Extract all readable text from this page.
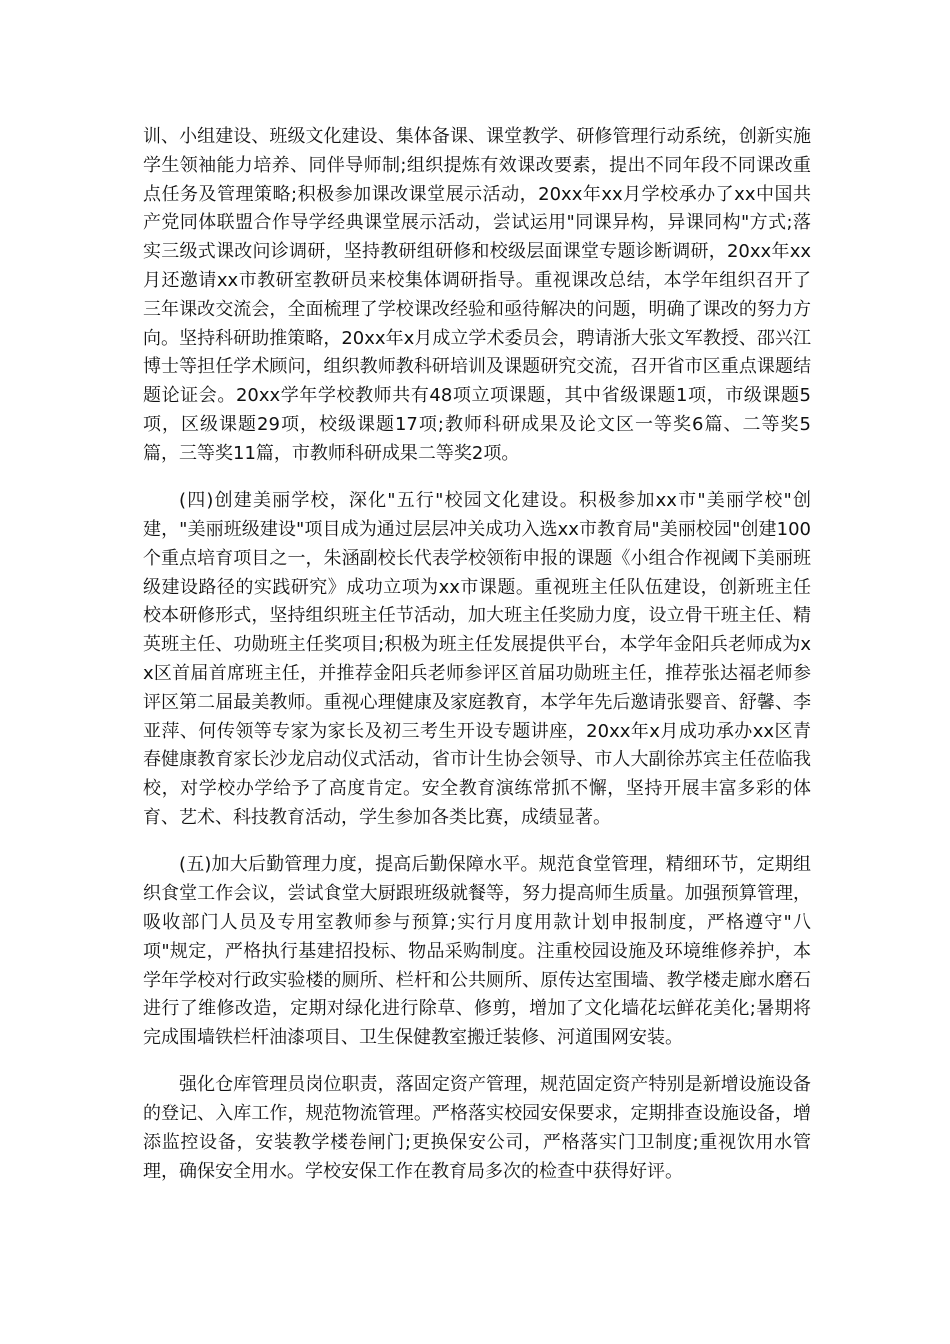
训、小组建设、班级文化建设、集体备课、课堂教学、研修管理行动系统，创新实施学生领袖能力培养、同伴导师制;组织提炼有效课改要素，提出不同年段不同课改重点任务及管理策略;积极参加课改课堂展示活动，20xx年xx月学校承办了xx中国共产党同体联盟合作导学经典课堂展示活动，尝试运用"同课异构，异课同构"方式;落实三级式课改问诊调研，坚持教研组研修和校级层面课堂专题诊断调研，20xx年xx月还邀请xx市教研室教研员来校集体调研指导。重视课改总结，本学年组织召开了三年课改交流会，全面梳理了学校课改经验和亟待解决的问题，明确了课改的努力方向。坚持科研助推策略，20xx年x月成立学术委员会，聘请浙大张文军教授、邵兴江博士等担任学术顾问，组织教师教科研培训及课题研究交流，召开省市区重点课题结题论证会。20xx学年学校教师共有48项立项课题，其中省级课题1项，市级课题5项，区级课题29项，校级课题17项;教师科研成果及论文区一等奖6篇、二等奖5篇，三等奖11篇，市教师科研成果二等奖2项。

(四)创建美丽学校，深化"五行"校园文化建设。积极参加xx市"美丽学校"创建，"美丽班级建设"项目成为通过层层冲关成功入选xx市教育局"美丽校园"创建100个重点培育项目之一，朱涵副校长代表学校领衔申报的课题《小组合作视阈下美丽班级建设路径的实践研究》成功立项为xx市课题。重视班主任队伍建设，创新班主任校本研修形式，坚持组织班主任节活动，加大班主任奖励力度，设立骨干班主任、精英班主任、功勋班主任奖项目;积极为班主任发展提供平台，本学年金阳兵老师成为xx区首届首席班主任，并推荐金阳兵老师参评区首届功勋班主任，推荐张达福老师参评区第二届最美教师。重视心理健康及家庭教育，本学年先后邀请张婴音、舒馨、李亚萍、何传领等专家为家长及初三考生开设专题讲座，20xx年x月成功承办xx区青春健康教育家长沙龙启动仪式活动，省市计生协会领导、市人大副徐苏宾主任莅临我校，对学校办学给予了高度肯定。安全教育演练常抓不懈，坚持开展丰富多彩的体育、艺术、科技教育活动，学生参加各类比赛，成绩显著。

(五)加大后勤管理力度，提高后勤保障水平。规范食堂管理，精细环节，定期组织食堂工作会议，尝试食堂大厨跟班级就餐等，努力提高师生质量。加强预算管理，吸收部门人员及专用室教师参与预算;实行月度用款计划申报制度，严格遵守"八项"规定，严格执行基建招投标、物品采购制度。注重校园设施及环境维修养护，本学年学校对行政实验楼的厕所、栏杆和公共厕所、原传达室围墙、教学楼走廊水磨石进行了维修改造，定期对绿化进行除草、修剪，增加了文化墙花坛鲜花美化;暑期将完成围墙铁栏杆油漆项目、卫生保健教室搬迁装修、河道围网安装。

强化仓库管理员岗位职责，落固定资产管理，规范固定资产特别是新增设施设备的登记、入库工作，规范物流管理。严格落实校园安保要求，定期排查设施设备，增添监控设备，安装教学楼卷闸门;更换保安公司，严格落实门卫制度;重视饮用水管理，确保安全用水。学校安保工作在教育局多次的检查中获得好评。
